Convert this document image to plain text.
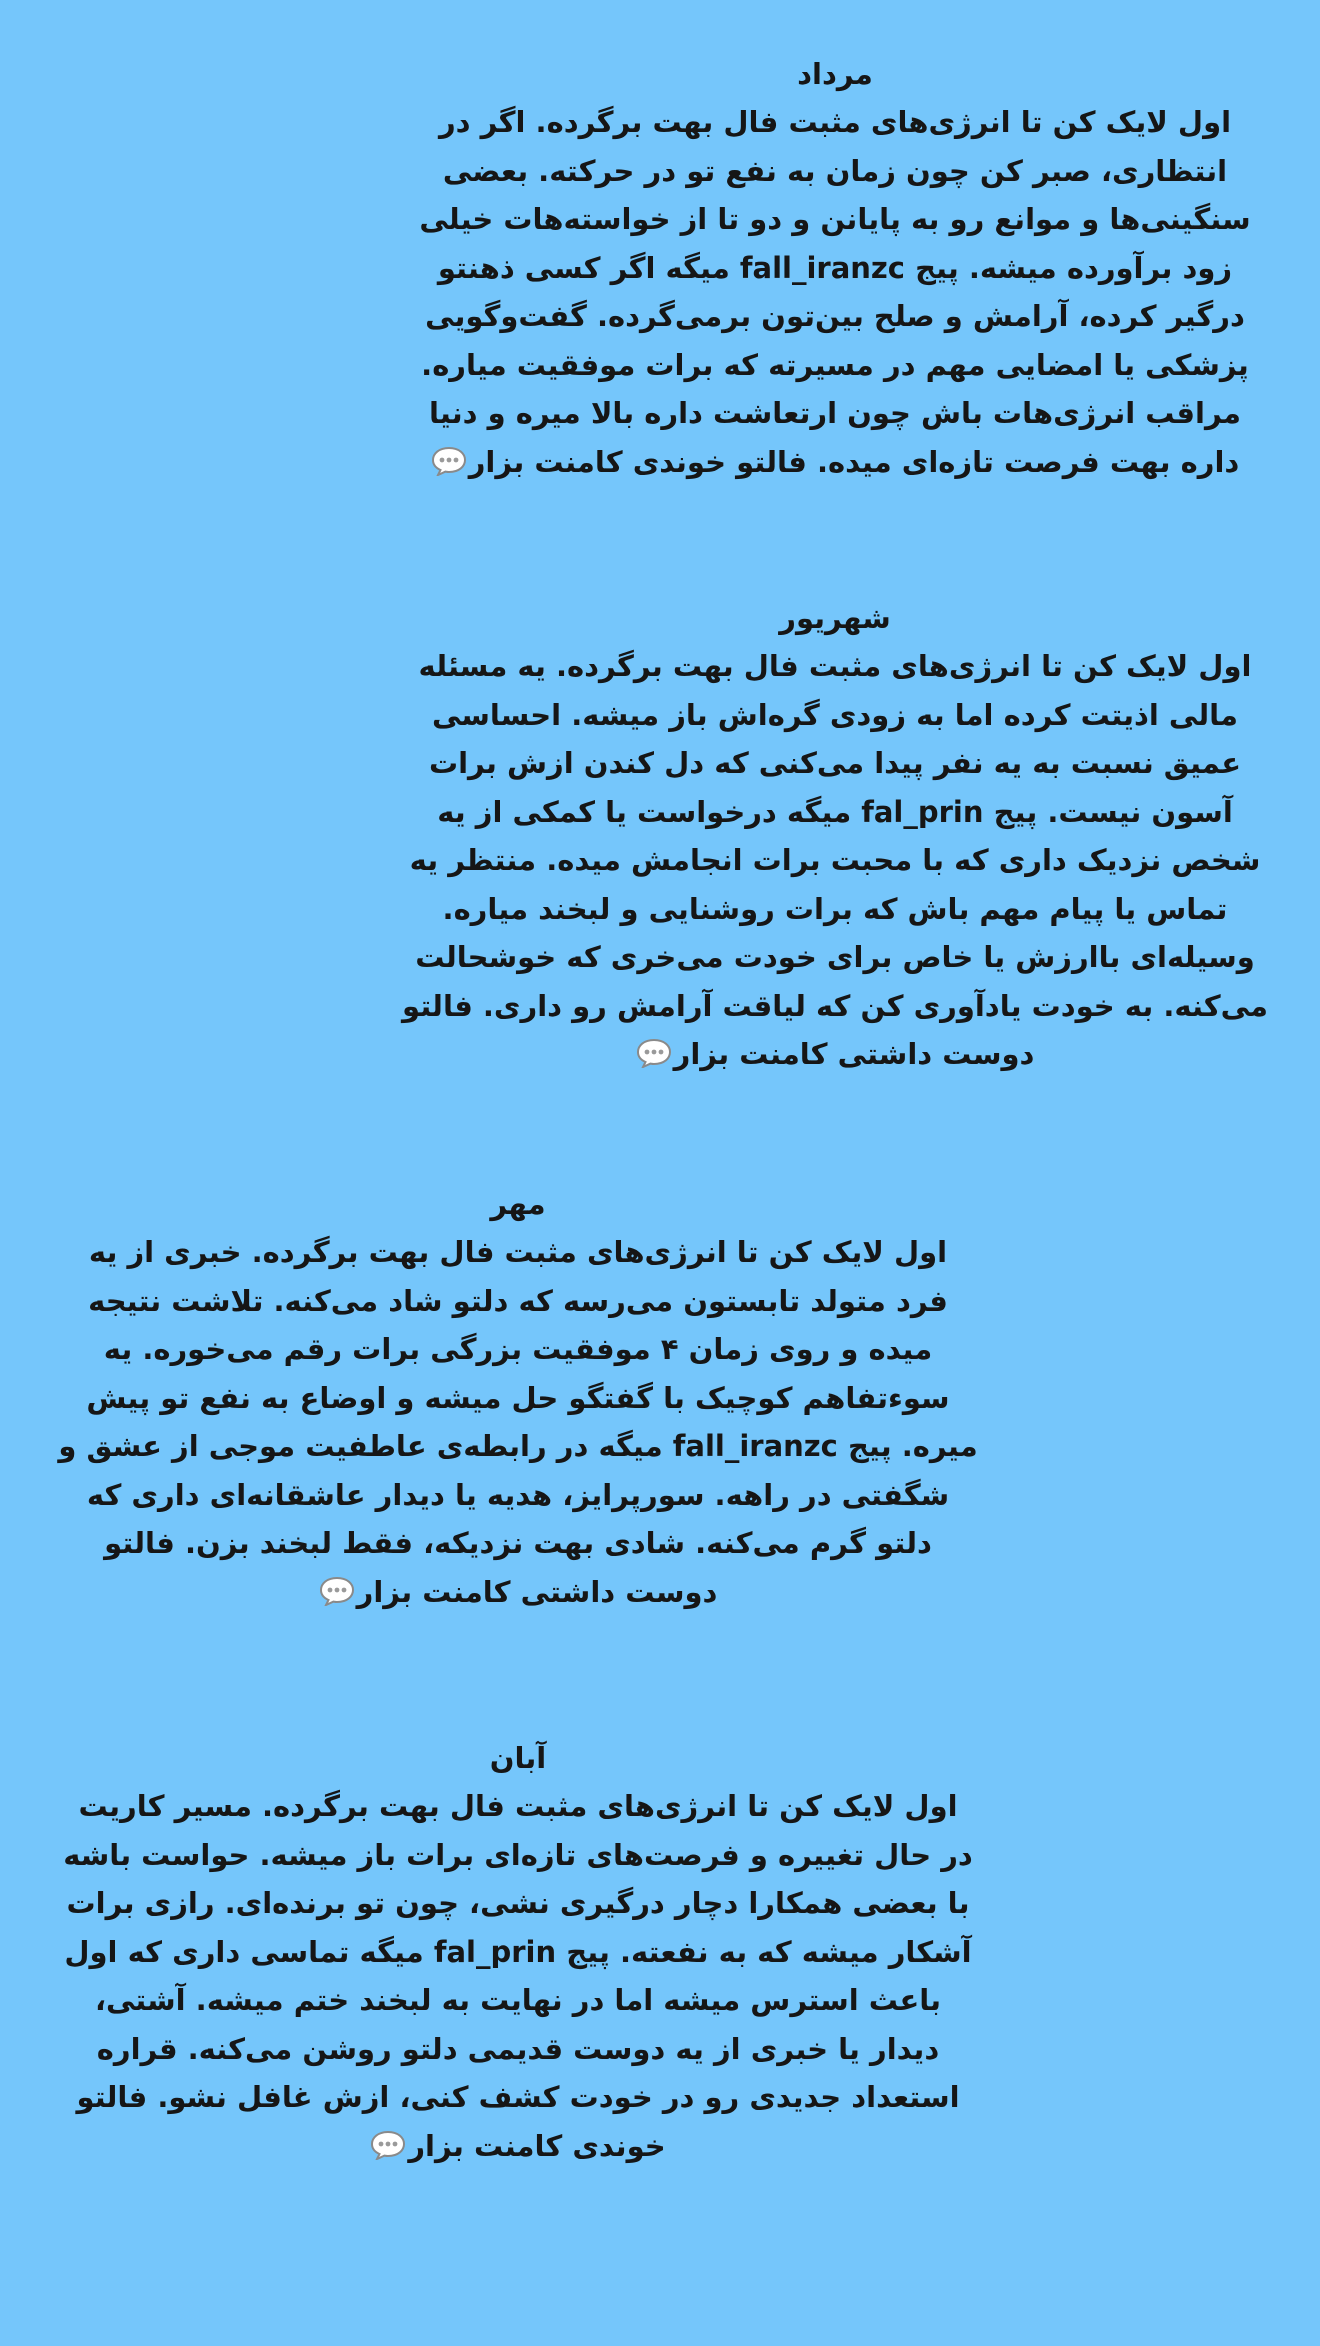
مرداد
اول لایک کن تا انرژی‌های مثبت فال بهت برگرده. اگر در انتظاری، صبر کن چون زمان به نفع تو در حرکته. بعضی سنگینی‌ها و موانع رو به پایانن و دو تا از خواسته‌هات خیلی زود برآورده میشه. پیج fall_iranzc میگه اگر کسی ذهنتو درگیر کرده، آرامش و صلح بین‌تون برمی‌گرده. گفت‌وگویی پزشکی یا امضایی مهم در مسیرته که برات موفقیت میاره. مراقب انرژی‌هات باش چون ارتعاشت داره بالا میره و دنیا داره بهت فرصت تازه‌ای میده. فالتو خوندی کامنت بزار
شهریور
اول لایک کن تا انرژی‌های مثبت فال بهت برگرده. یه مسئله مالی اذیتت کرده اما به زودی گره‌اش باز میشه. احساسی عمیق نسبت به یه نفر پیدا می‌کنی که دل کندن ازش برات آسون نیست. پیج fal_prin میگه درخواست یا کمکی از یه شخص نزدیک داری که با محبت برات انجامش میده. منتظر یه تماس یا پیام مهم باش که برات روشنایی و لبخند میاره. وسیله‌ای باارزش یا خاص برای خودت می‌خری که خوشحالت می‌کنه. به خودت یادآوری کن که لیاقت آرامش رو داری. فالتو دوست داشتی کامنت بزار
مهر
اول لایک کن تا انرژی‌های مثبت فال بهت برگرده. خبری از یه فرد متولد تابستون می‌رسه که دلتو شاد می‌کنه. تلاشت نتیجه میده و روی زمان ۴ موفقیت بزرگی برات رقم می‌خوره. یه سوءتفاهم کوچیک با گفتگو حل میشه و اوضاع به نفع تو پیش میره. پیج fall_iranzc میگه در رابطه‌ی عاطفیت موجی از عشق و شگفتی در راهه. سورپرایز، هدیه یا دیدار عاشقانه‌ای داری که دلتو گرم می‌کنه. شادی بهت نزدیکه، فقط لبخند بزن. فالتو دوست داشتی کامنت بزار
آبان
اول لایک کن تا انرژی‌های مثبت فال بهت برگرده. مسیر کاریت در حال تغییره و فرصت‌های تازه‌ای برات باز میشه. حواست باشه با بعضی همکارا دچار درگیری نشی، چون تو برنده‌ای. رازی برات آشکار میشه که به نفعته. پیج fal_prin میگه تماسی داری که اول باعث استرس میشه اما در نهایت به لبخند ختم میشه. آشتی، دیدار یا خبری از یه دوست قدیمی دلتو روشن می‌کنه. قراره استعداد جدیدی رو در خودت کشف کنی، ازش غافل نشو. فالتو خوندی کامنت بزار
